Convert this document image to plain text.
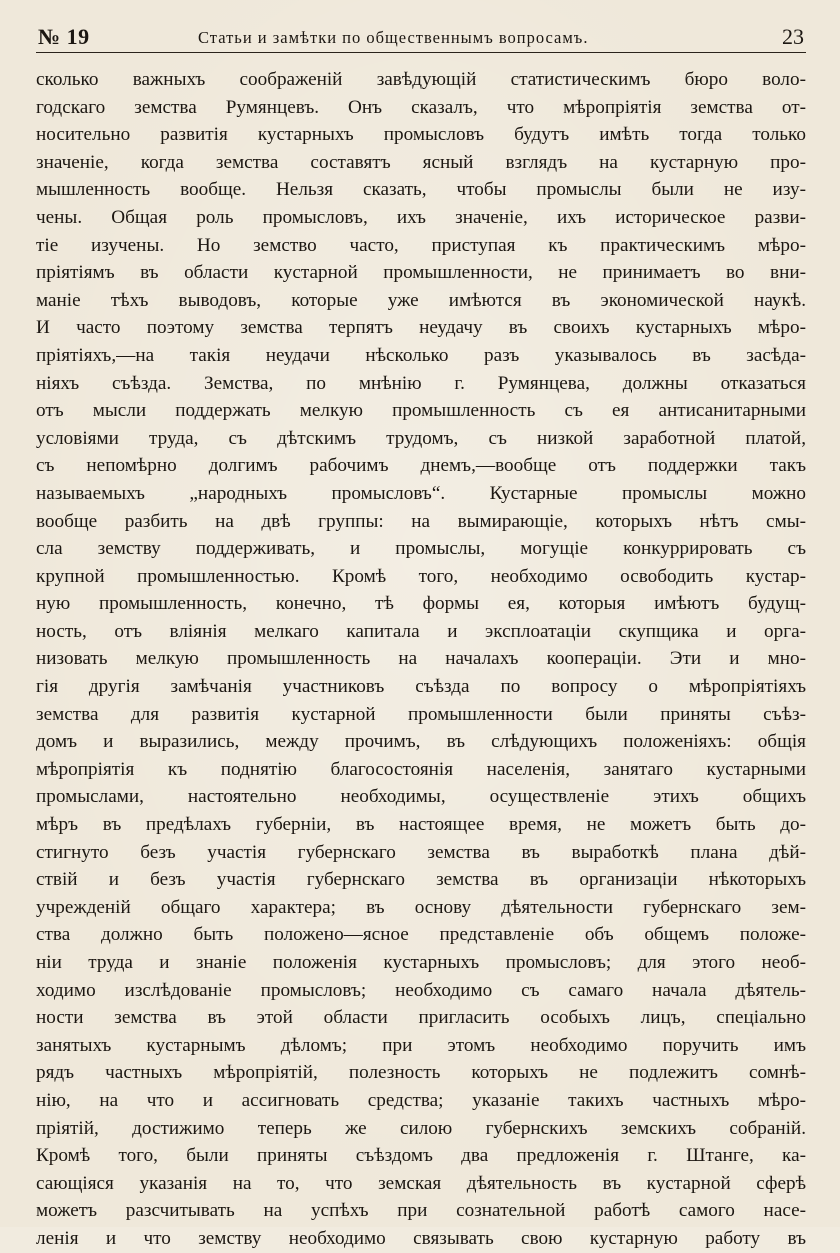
№ 19	Статьи и замѣтки по общественнымъ вопросамъ.	23
сколько важныхъ соображеній завѣдующій статистическимъ бюро воло-
годскаго земства Румянцевъ. Онъ сказалъ, что мѣропріятія земства от-
носительно развитія кустарныхъ промысловъ будутъ имѣть тогда только
значеніе, когда земства составятъ ясный взглядъ на кустарную про-
мышленность вообще. Нельзя сказать, чтобы промыслы были не изу-
чены. Общая роль промысловъ, ихъ значеніе, ихъ историческое разви-
тіе изучены. Но земство часто, приступая къ практическимъ мѣро-
пріятіямъ въ области кустарной промышленности, не принимаетъ во вни-
маніе тѣхъ выводовъ, которые уже имѣются въ экономической наукѣ.
И часто поэтому земства терпятъ неудачу въ своихъ кустарныхъ мѣро-
пріятіяхъ,—на такія неудачи нѣсколько разъ указывалось въ засѣда-
ніяхъ съѣзда. Земства, по мнѣнію г. Румянцева, должны отказаться
отъ мысли поддержать мелкую промышленность съ ея антисанитарными
условіями труда, съ дѣтскимъ трудомъ, съ низкой заработной платой,
съ непомѣрно долгимъ рабочимъ днемъ,—вообще отъ поддержки такъ
называемыхъ „народныхъ промысловъ“. Кустарные промыслы можно
вообще разбить на двѣ группы: на вымирающіе, которыхъ нѣтъ смы-
сла земству поддерживать, и промыслы, могущіе конкуррировать съ
крупной промышленностью. Кромѣ того, необходимо освободить кустар-
ную промышленность, конечно, тѣ формы ея, которыя имѣютъ будущ-
ность, отъ вліянія мелкаго капитала и эксплоатаціи скупщика и орга-
низовать мелкую промышленность на началахъ коопераціи. Эти и мно-
гія другія замѣчанія участниковъ съѣзда по вопросу о мѣропріятіяхъ
земства для развитія кустарной промышленности были приняты съѣз-
домъ и выразились, между прочимъ, въ слѣдующихъ положеніяхъ: общія
мѣропріятія къ поднятію благосостоянія населенія, занятаго кустарными
промыслами, настоятельно необходимы, осуществленіе этихъ общихъ
мѣръ въ предѣлахъ губерніи, въ настоящее время, не можетъ быть до-
стигнуто безъ участія губернскаго земства въ выработкѣ плана дѣй-
ствій и безъ участія губернскаго земства въ организаціи нѣкоторыхъ
учрежденій общаго характера; въ основу дѣятельности губернскаго зем-
ства должно быть положено—ясное представленіе объ общемъ положе-
ніи труда и знаніе положенія кустарныхъ промысловъ; для этого необ-
ходимо изслѣдованіе промысловъ; необходимо съ самаго начала дѣятель-
ности земства въ этой области пригласить особыхъ лицъ, спеціально
занятыхъ кустарнымъ дѣломъ; при этомъ необходимо поручить имъ
рядъ частныхъ мѣропріятій, полезность которыхъ не подлежитъ сомнѣ-
нію, на что и ассигновать средства; указаніе такихъ частныхъ мѣро-
пріятій, достижимо теперь же силою губернскихъ земскихъ собраній.
Кромѣ того, были приняты съѣздомъ два предложенія г. Штанге, ка-
сающіяся указанія на то, что земская дѣятельность въ кустарной сферѣ
можетъ разсчитывать на успѣхъ при сознательной работѣ самого насе-
ленія и что земству необходимо связывать свою кустарную работу въ
